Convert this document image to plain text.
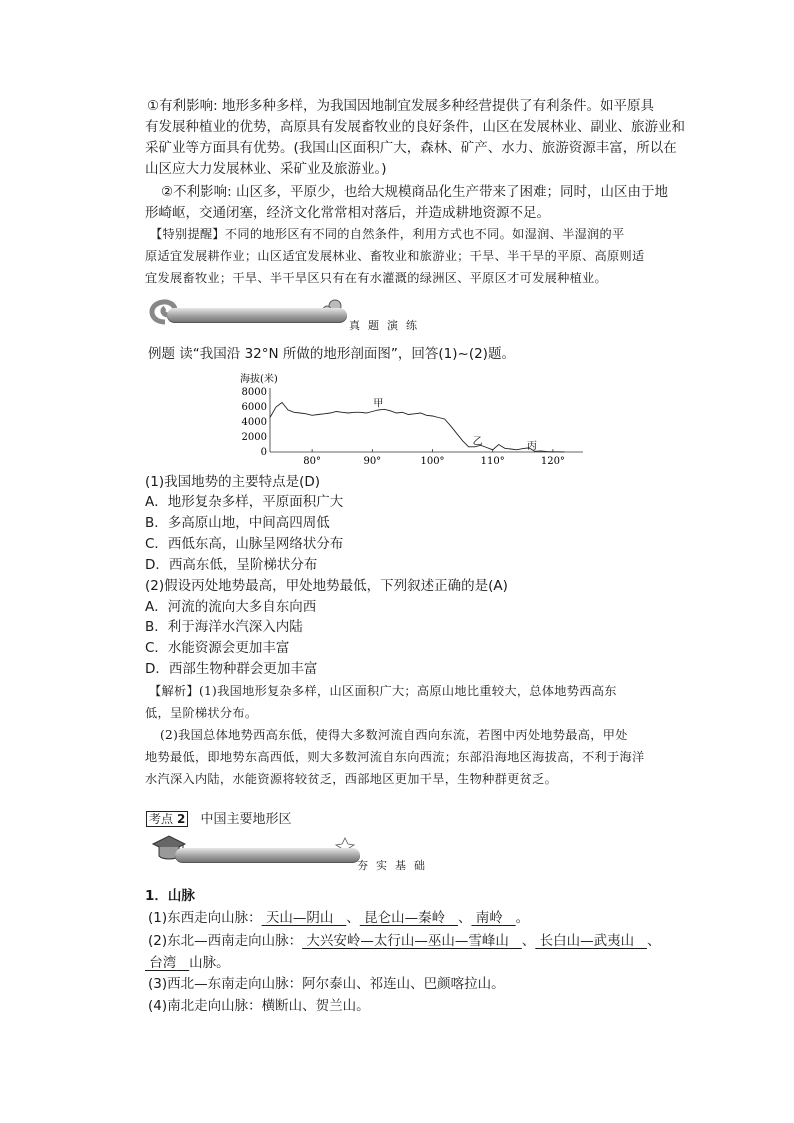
①有利影响: 地形多种多样，为我国因地制宜发展多种经营提供了有利条件。如平原具
有发展种植业的优势，高原具有发展畜牧业的良好条件，山区在发展林业、副业、旅游业和
采矿业等方面具有优势。(我国山区面积广大，森林、矿产、水力、旅游资源丰富，所以在
山区应大力发展林业、采矿业及旅游业。)
②不利影响: 山区多，平原少，也给大规模商品化生产带来了困难；同时，山区由于地
形崎岖，交通闭塞，经济文化常常相对落后，并造成耕地资源不足。
【特别提醒】不同的地形区有不同的自然条件，利用方式也不同。如湿润、半湿润的平
原适宜发展耕作业；山区适宜发展林业、畜牧业和旅游业；干旱、半干旱的平原、高原则适
宜发展畜牧业；干旱、半干旱区只有在有水灌溉的绿洲区、平原区才可发展种植业。
真题演练
例题 读“我国沿 32°N 所做的地形剖面图”，回答(1)~(2)题。
海拔(米)
8000
6000
4000
2000
0
80°	90°	100°	110°	120°
甲
乙	丙
(1)我国地势的主要特点是(D)
A．地形复杂多样，平原面积广大
B．多高原山地，中间高四周低
C．西低东高，山脉呈网络状分布
D．西高东低，呈阶梯状分布
(2)假设丙处地势最高，甲处地势最低，下列叙述正确的是(A)
A．河流的流向大多自东向西
B．利于海洋水汽深入内陆
C．水能资源会更加丰富
D．西部生物种群会更加丰富
【解析】(1)我国地形复杂多样，山区面积广大；高原山地比重较大，总体地势西高东
低，呈阶梯状分布。
(2)我国总体地势西高东低，使得大多数河流自西向东流，若图中丙处地势最高，甲处
地势最低，即地势东高西低，则大多数河流自东向西流；东部沿海地区海拔高，不利于海洋
水汽深入内陆，水能资源将较贫乏，西部地区更加干旱，生物种群更贫乏。
考点 2 中国主要地形区
夯实基础
1．山脉
(1)东西走向山脉： 天山—阴山 、 昆仑山—秦岭 、 南岭 。
(2)东北—西南走向山脉： 大兴安岭—太行山—巫山—雪峰山 、 长白山—武夷山 、
台湾 山脉。
(3)西北—东南走向山脉：阿尔泰山、祁连山、巴颜喀拉山。
(4)南北走向山脉：横断山、贺兰山。
